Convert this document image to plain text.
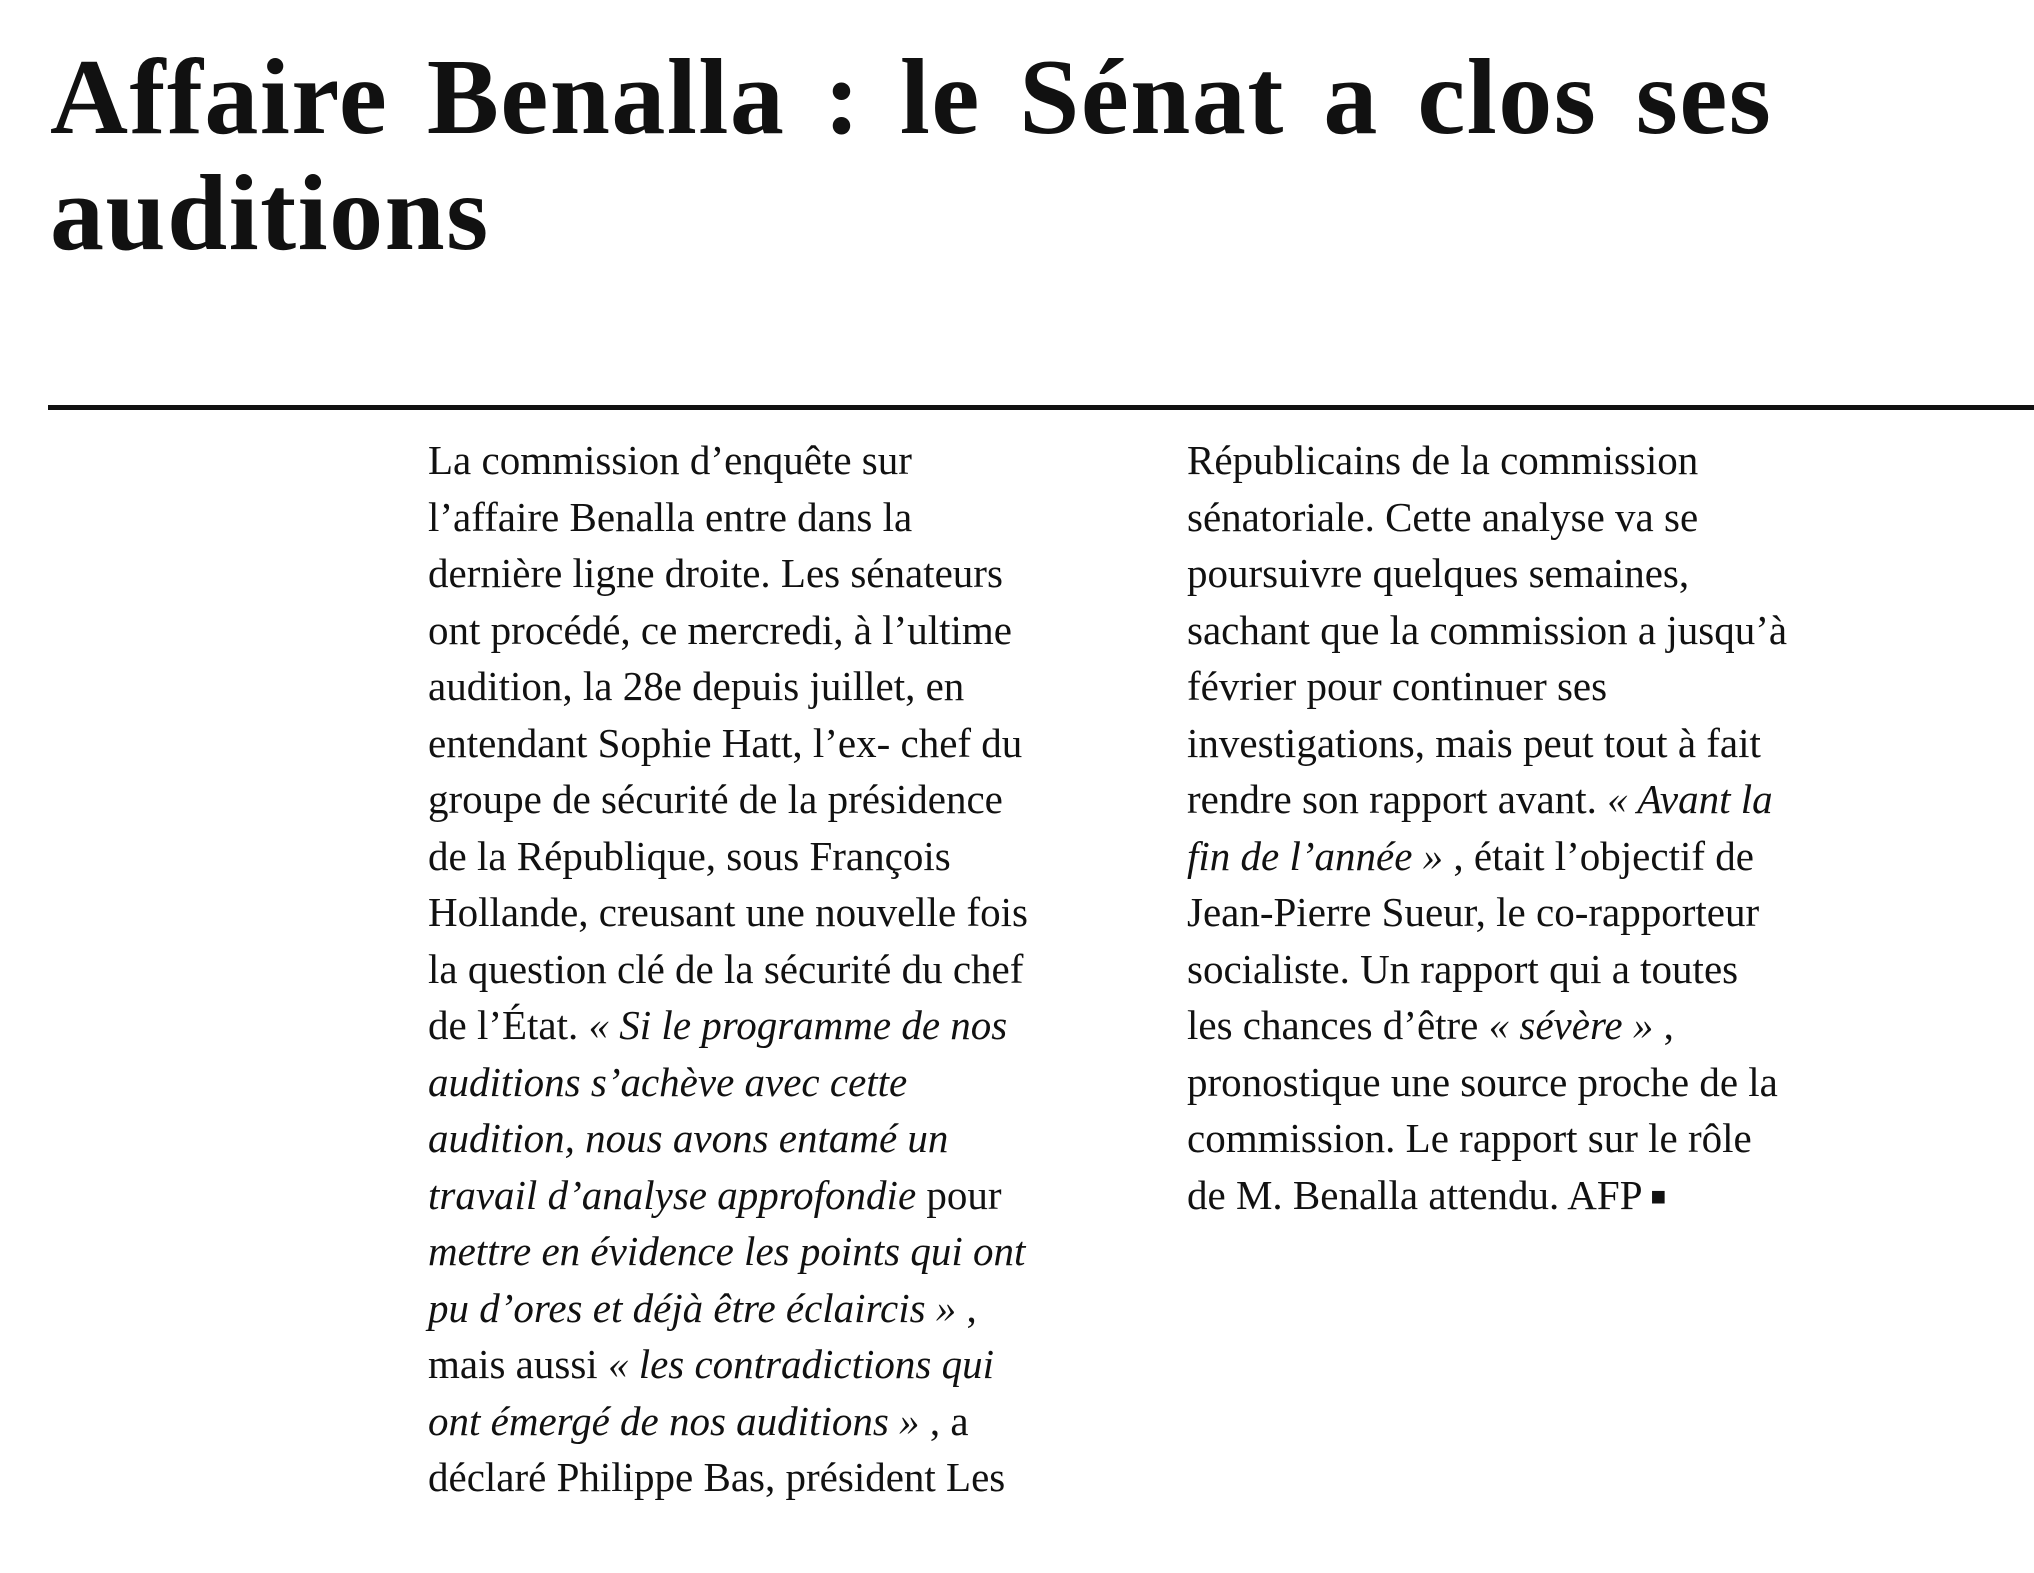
Affaire Benalla : le Sénat a clos ses
auditions
La commission d’enquête sur
l’affaire Benalla entre dans la
dernière ligne droite. Les sénateurs
ont procédé, ce mercredi, à l’ultime
audition, la 28e depuis juillet, en
entendant Sophie Hatt, l’ex- chef du
groupe de sécurité de la présidence
de la République, sous François
Hollande, creusant une nouvelle fois
la question clé de la sécurité du chef
de l’État. « Si le programme de nos
auditions s’achève avec cette
audition, nous avons entamé un
travail d’analyse approfondie pour
mettre en évidence les points qui ont
pu d’ores et déjà être éclaircis » ,
mais aussi « les contradictions qui
ont émergé de nos auditions » , a
déclaré Philippe Bas, président Les
Républicains de la commission
sénatoriale. Cette analyse va se
poursuivre quelques semaines,
sachant que la commission a jusqu’à
février pour continuer ses
investigations, mais peut tout à fait
rendre son rapport avant. « Avant la
fin de l’année » , était l’objectif de
Jean-Pierre Sueur, le co-rapporteur
socialiste. Un rapport qui a toutes
les chances d’être « sévère » ,
pronostique une source proche de la
commission. Le rapport sur le rôle
de M. Benalla attendu. AFP ■
